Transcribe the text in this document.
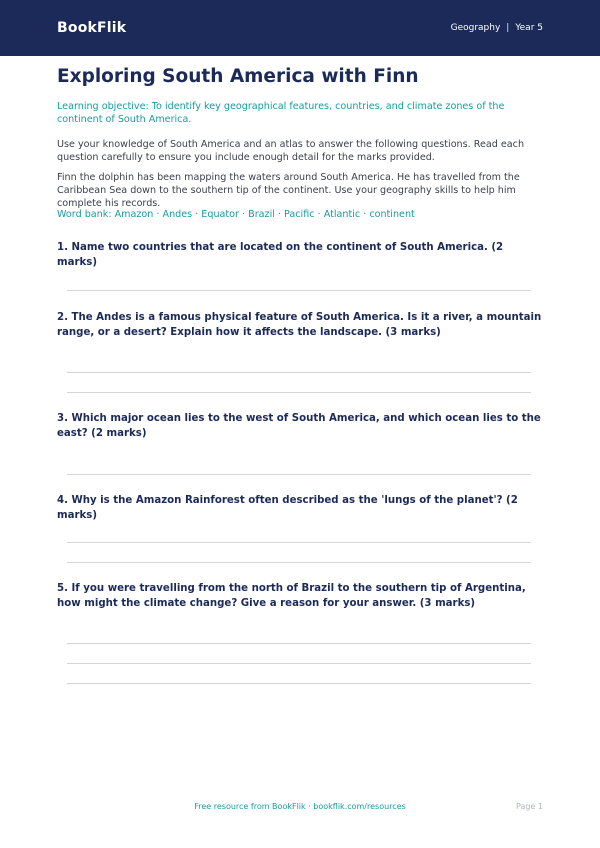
BookFlik	Geography | Year 5
Exploring South America with Finn

Learning objective: To identify key geographical features, countries, and climate zones of the continent of South America.

Use your knowledge of South America and an atlas to answer the following questions. Read each question carefully to ensure you include enough detail for the marks provided.

Finn the dolphin has been mapping the waters around South America. He has travelled from the Caribbean Sea down to the southern tip of the continent. Use your geography skills to help him complete his records.

Word bank: Amazon · Andes · Equator · Brazil · Pacific · Atlantic · continent

1. Name two countries that are located on the continent of South America. (2 marks)

2. The Andes is a famous physical feature of South America. Is it a river, a mountain range, or a desert? Explain how it affects the landscape. (3 marks)

3. Which major ocean lies to the west of South America, and which ocean lies to the east? (2 marks)

4. Why is the Amazon Rainforest often described as the 'lungs of the planet'? (2 marks)

5. If you were travelling from the north of Brazil to the southern tip of Argentina, how might the climate change? Give a reason for your answer. (3 marks)

Free resource from BookFlik · bookflik.com/resources	Page 1
